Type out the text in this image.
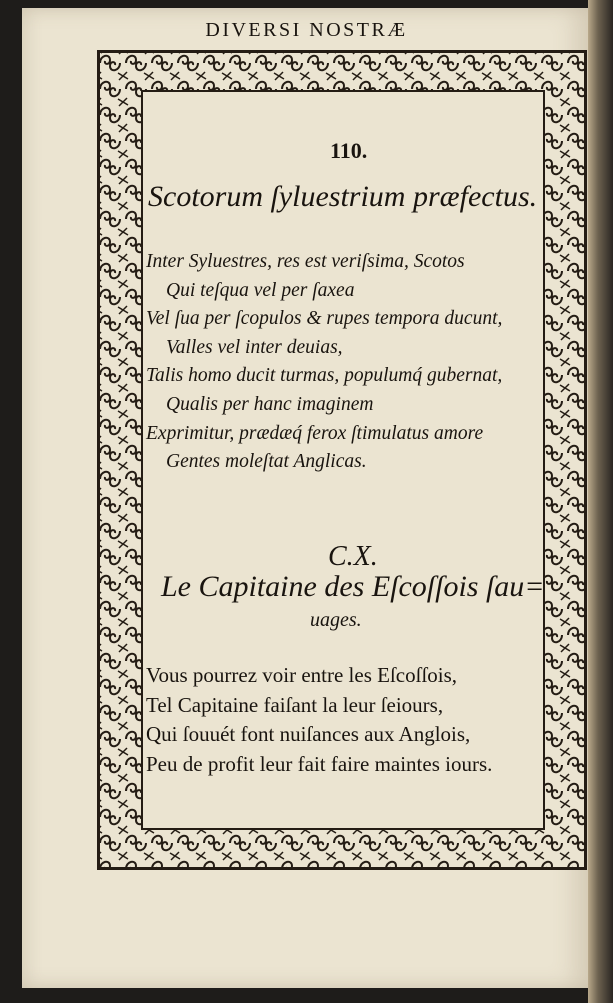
DIVERSI NOSTRÆ
110.
Scotorum ſyluestrium præfectus.
Inter Syluestres, res est veriſsima, Scotos
Qui teſqua vel per ſaxea
Vel ſua per ſcopulos & rupes tempora ducunt,
Valles vel inter deuias,
Talis homo ducit turmas, populumq́ gubernat,
Qualis per hanc imaginem
Exprimitur, prædæq́ ferox ſtimulatus amore
Gentes moleſtat Anglicas.
C.X.
Le Capitaine des Eſcoſſois ſau=
uages.
Vous pourrez voir entre les Eſcoſſois,
Tel Capitaine faiſant la leur ſeiours,
Qui ſouuét font nuiſances aux Anglois,
Peu de profit leur fait faire maintes iours.
